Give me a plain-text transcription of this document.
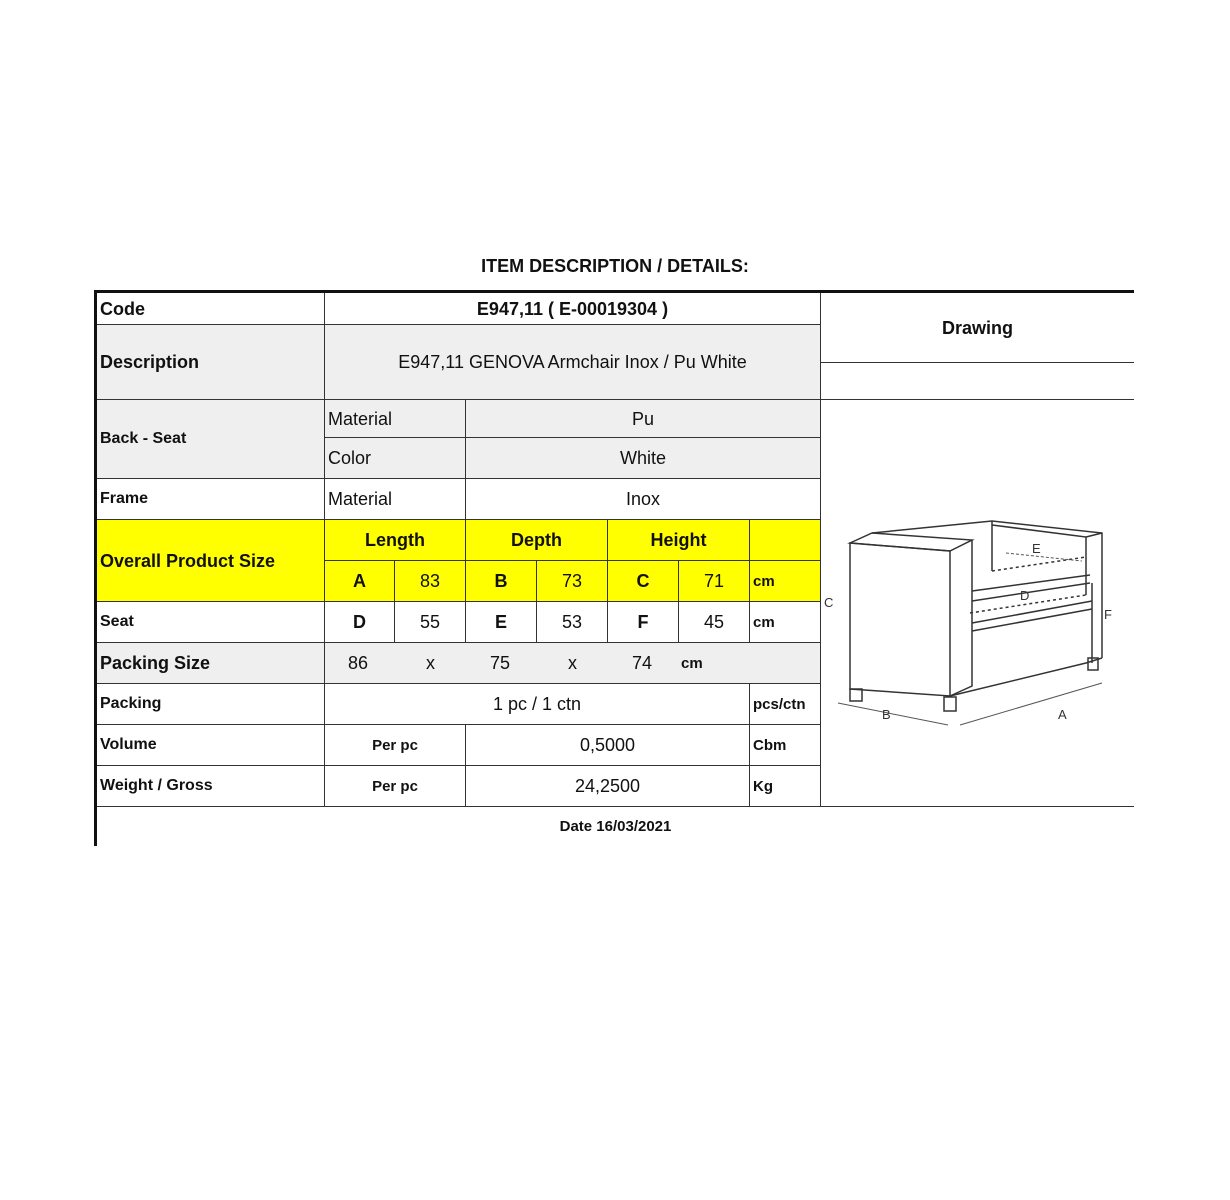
ITEM DESCRIPTION / DETAILS:
Code	E947,11 ( E-00019304 )
Description	E947,11 GENOVA Armchair Inox / Pu White
Drawing
Back - Seat
Material	Pu
Color	White
Frame	Material	Inox
Overall Product Size
Length	Depth	Height
A	83	B	73	C	71	cm
Seat	D	55	E	53	F	45	cm
Packing Size	86	x	75	x	74 cm
Packing	1 pc / 1 ctn	pcs/ctn
Volume	Per pc	0,5000	Cbm
Weight / Gross	Per pc	24,2500	Kg
Date 16/03/2021
A
B
C	D
E
F
